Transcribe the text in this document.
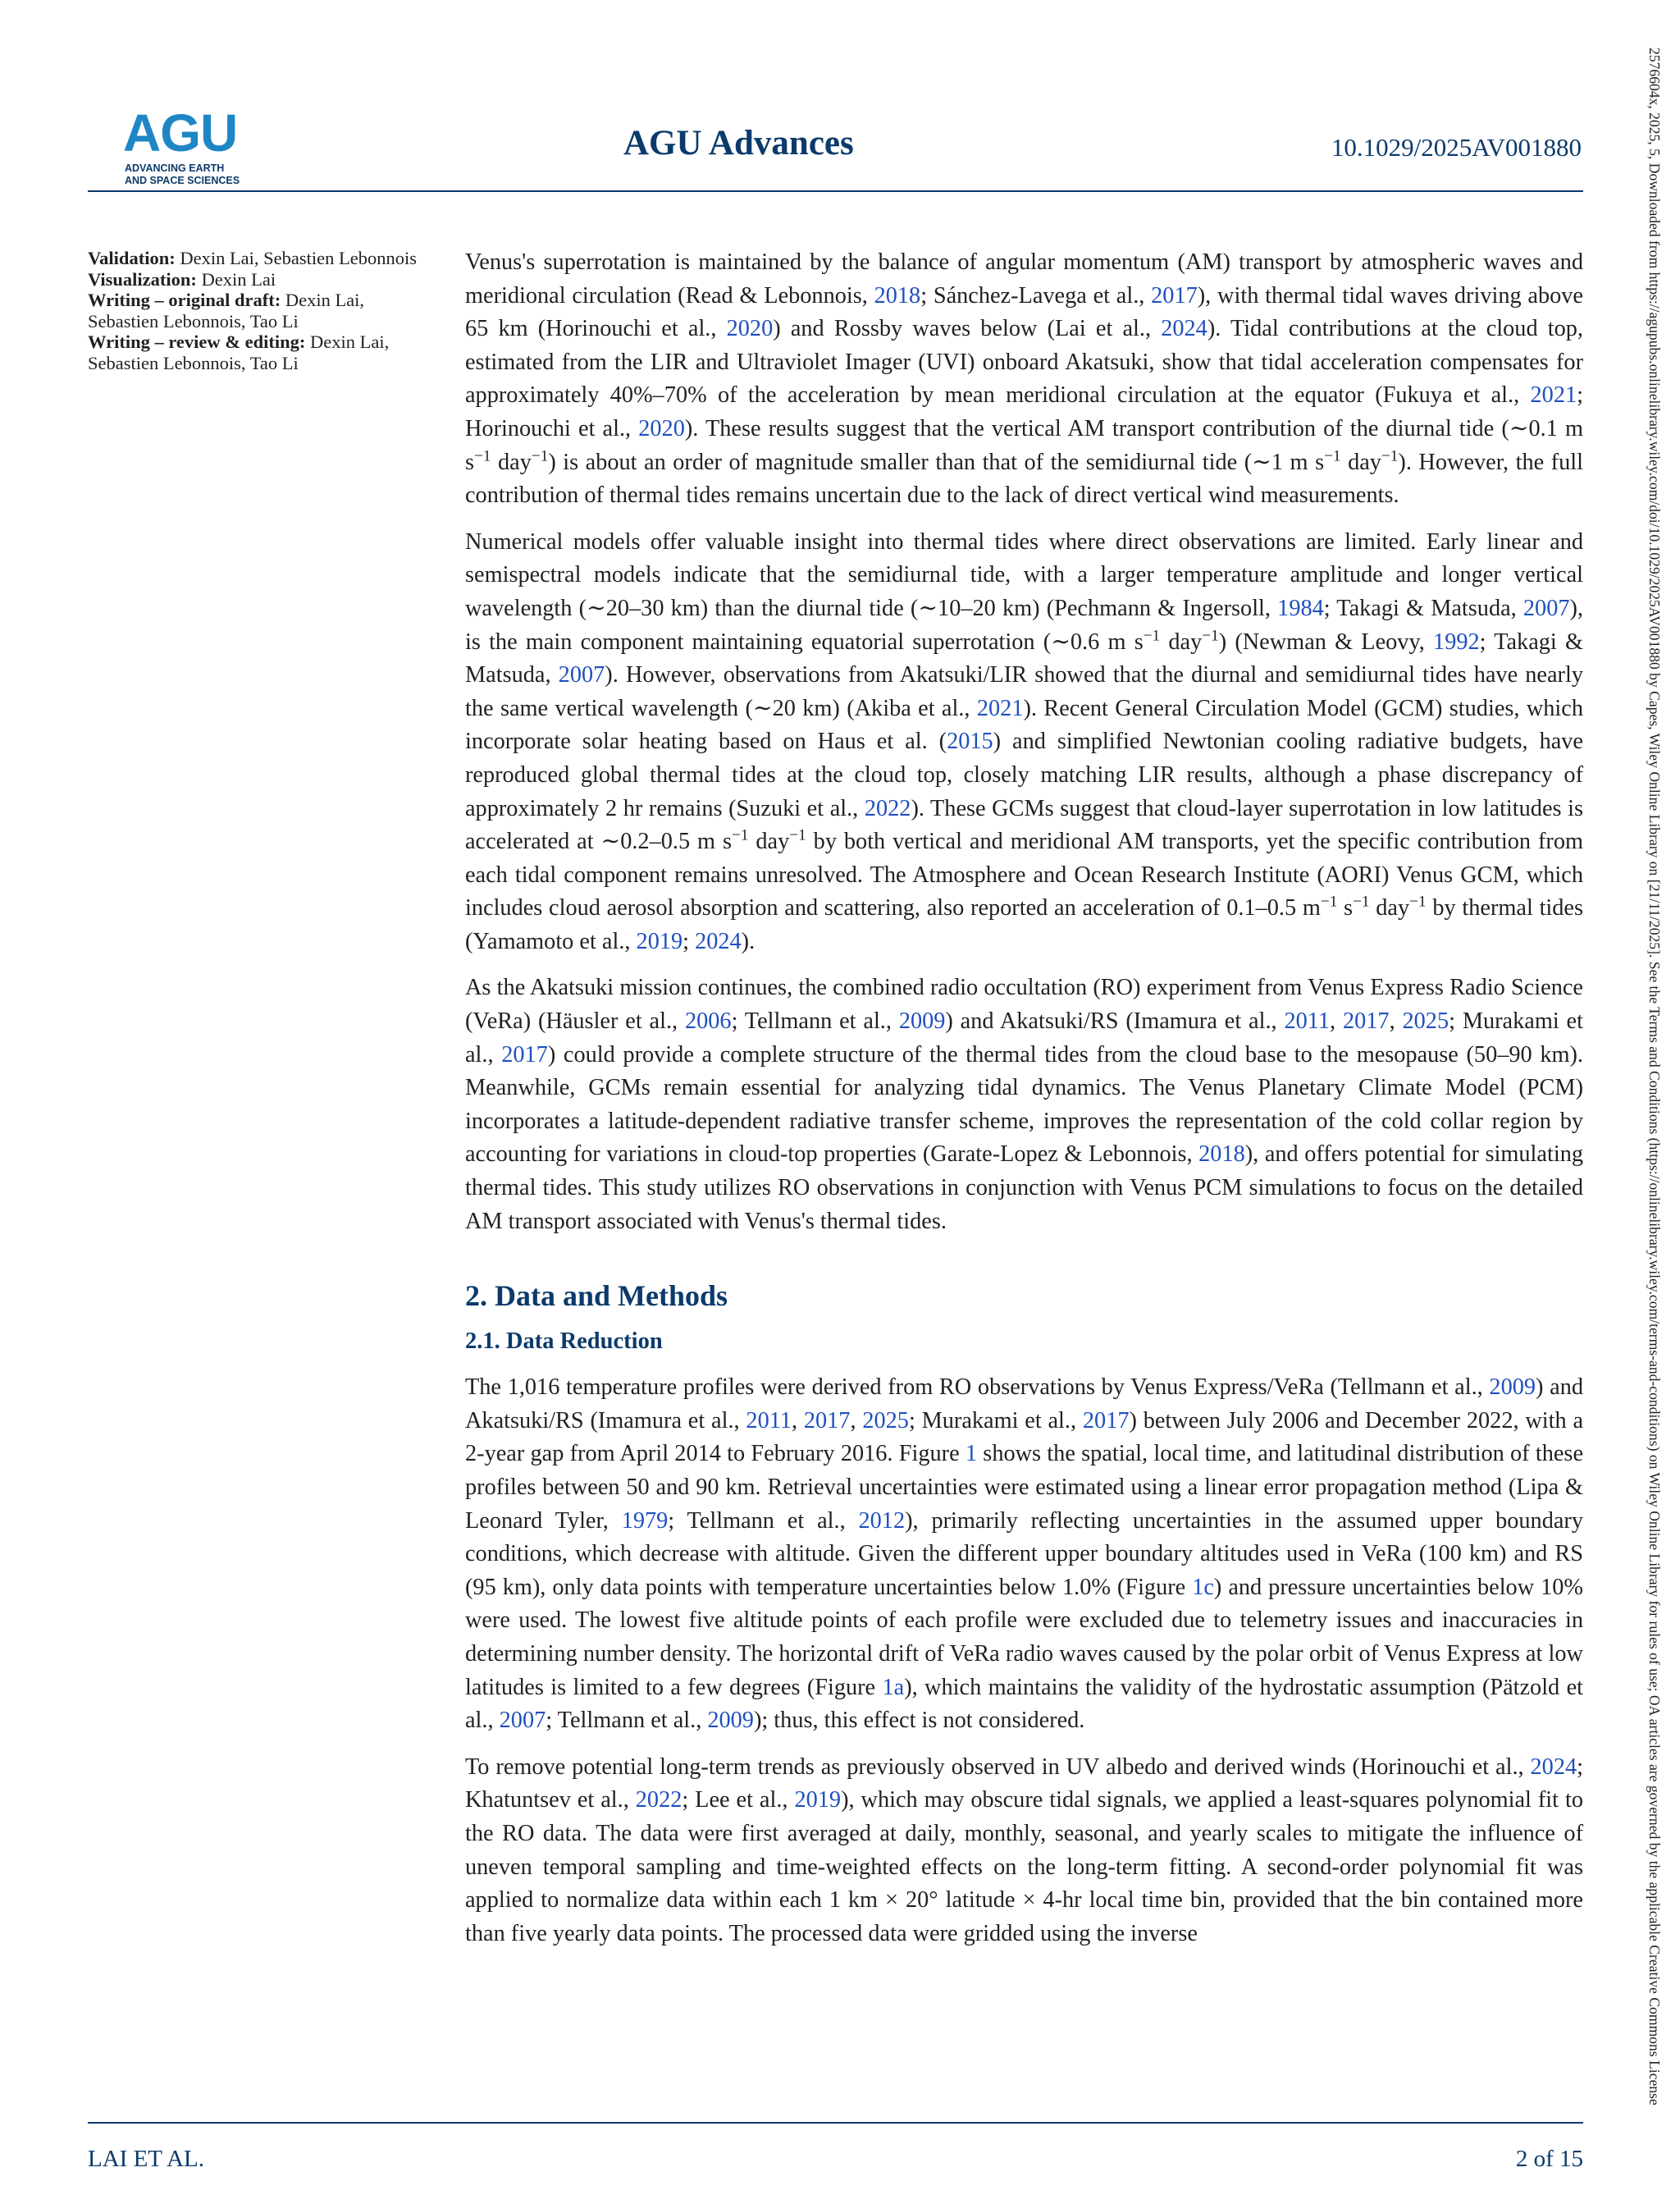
AGU
ADVANCING EARTH
AND SPACE SCIENCES
AGU Advances	10.1029/2025AV001880
Validation: Dexin Lai, Sebastien Lebonnois
Visualization: Dexin Lai
Writing – original draft: Dexin Lai, Sebastien Lebonnois, Tao Li
Writing – review & editing: Dexin Lai, Sebastien Lebonnois, Tao Li

Venus's superrotation is maintained by the balance of angular momentum (AM) transport by atmospheric waves and meridional circulation (Read & Lebonnois, 2018; Sánchez-Lavega et al., 2017), with thermal tidal waves driving above 65 km (Horinouchi et al., 2020) and Rossby waves below (Lai et al., 2024). Tidal contributions at the cloud top, estimated from the LIR and Ultraviolet Imager (UVI) onboard Akatsuki, show that tidal acceleration compensates for approximately 40%–70% of the acceleration by mean meridional circulation at the equator (Fukuya et al., 2021; Horinouchi et al., 2020). These results suggest that the vertical AM transport contribution of the diurnal tide (∼0.1 m $s^{-1}$ day$^{-1}$) is about an order of magnitude smaller than that of the semidiurnal tide (∼1 m $s^{-1}$ day$^{-1}$). However, the full contribution of thermal tides remains uncertain due to the lack of direct vertical wind measurements.

Numerical models offer valuable insight into thermal tides where direct observations are limited. Early linear and semispectral models indicate that the semidiurnal tide, with a larger temperature amplitude and longer vertical wavelength (∼20–30 km) than the diurnal tide (∼10–20 km) (Pechmann & Ingersoll, 1984; Takagi & Matsuda, 2007), is the main component maintaining equatorial superrotation (∼0.6 m $s^{-1}$ day$^{-1}$) (Newman & Leovy, 1992; Takagi & Matsuda, 2007). However, observations from Akatsuki/LIR showed that the diurnal and semidiurnal tides have nearly the same vertical wavelength (∼20 km) (Akiba et al., 2021). Recent General Circulation Model (GCM) studies, which incorporate solar heating based on Haus et al. (2015) and simplified Newtonian cooling radiative budgets, have reproduced global thermal tides at the cloud top, closely matching LIR results, although a phase discrepancy of approximately 2 hr remains (Suzuki et al., 2022). These GCMs suggest that cloud-layer superrotation in low latitudes is accelerated at ∼0.2–0.5 m $s^{-1}$ day$^{-1}$ by both vertical and meridional AM transports, yet the specific contribution from each tidal component remains unresolved. The Atmosphere and Ocean Research Institute (AORI) Venus GCM, which includes cloud aerosol absorption and scattering, also reported an acceleration of 0.1–0.5 $m^{-1}$ $s^{-1}$ day$^{-1}$ by thermal tides (Yamamoto et al., 2019; 2024).

As the Akatsuki mission continues, the combined radio occultation (RO) experiment from Venus Express Radio Science (VeRa) (Häusler et al., 2006; Tellmann et al., 2009) and Akatsuki/RS (Imamura et al., 2011, 2017, 2025; Murakami et al., 2017) could provide a complete structure of the thermal tides from the cloud base to the mesopause (50–90 km). Meanwhile, GCMs remain essential for analyzing tidal dynamics. The Venus Planetary Climate Model (PCM) incorporates a latitude-dependent radiative transfer scheme, improves the representation of the cold collar region by accounting for variations in cloud-top properties (Garate-Lopez & Lebonnois, 2018), and offers potential for simulating thermal tides. This study utilizes RO observations in conjunction with Venus PCM simulations to focus on the detailed AM transport associated with Venus's thermal tides.

2. Data and Methods
2.1. Data Reduction

The 1,016 temperature profiles were derived from RO observations by Venus Express/VeRa (Tellmann et al., 2009) and Akatsuki/RS (Imamura et al., 2011, 2017, 2025; Murakami et al., 2017) between July 2006 and December 2022, with a 2-year gap from April 2014 to February 2016. Figure 1 shows the spatial, local time, and latitudinal distribution of these profiles between 50 and 90 km. Retrieval uncertainties were estimated using a linear error propagation method (Lipa & Leonard Tyler, 1979; Tellmann et al., 2012), primarily reflecting uncertainties in the assumed upper boundary conditions, which decrease with altitude. Given the different upper boundary altitudes used in VeRa (100 km) and RS (95 km), only data points with temperature uncertainties below 1.0% (Figure 1c) and pressure uncertainties below 10% were used. The lowest five altitude points of each profile were excluded due to telemetry issues and inaccuracies in determining number density. The horizontal drift of VeRa radio waves caused by the polar orbit of Venus Express at low latitudes is limited to a few degrees (Figure 1a), which maintains the validity of the hydrostatic assumption (Pätzold et al., 2007; Tellmann et al., 2009); thus, this effect is not considered.

To remove potential long-term trends as previously observed in UV albedo and derived winds (Horinouchi et al., 2024; Khatuntsev et al., 2022; Lee et al., 2019), which may obscure tidal signals, we applied a least-squares polynomial fit to the RO data. The data were first averaged at daily, monthly, seasonal, and yearly scales to mitigate the influence of uneven temporal sampling and time-weighted effects on the long-term fitting. A second-order polynomial fit was applied to normalize data within each 1 km × 20° latitude × 4-hr local time bin, provided that the bin contained more than five yearly data points. The processed data were gridded using the inverse

LAI ET AL.	2 of 15
2576604x, 2025, 5, Downloaded from https://agupubs.onlinelibrary.wiley.com/doi/10.1029/2025AV001880 by Capes, Wiley Online Library on [21/11/2025]. See the Terms and Conditions (https://onlinelibrary.wiley.com/terms-and-conditions) on Wiley Online Library for rules of use; OA articles are governed by the applicable Creative Commons License
